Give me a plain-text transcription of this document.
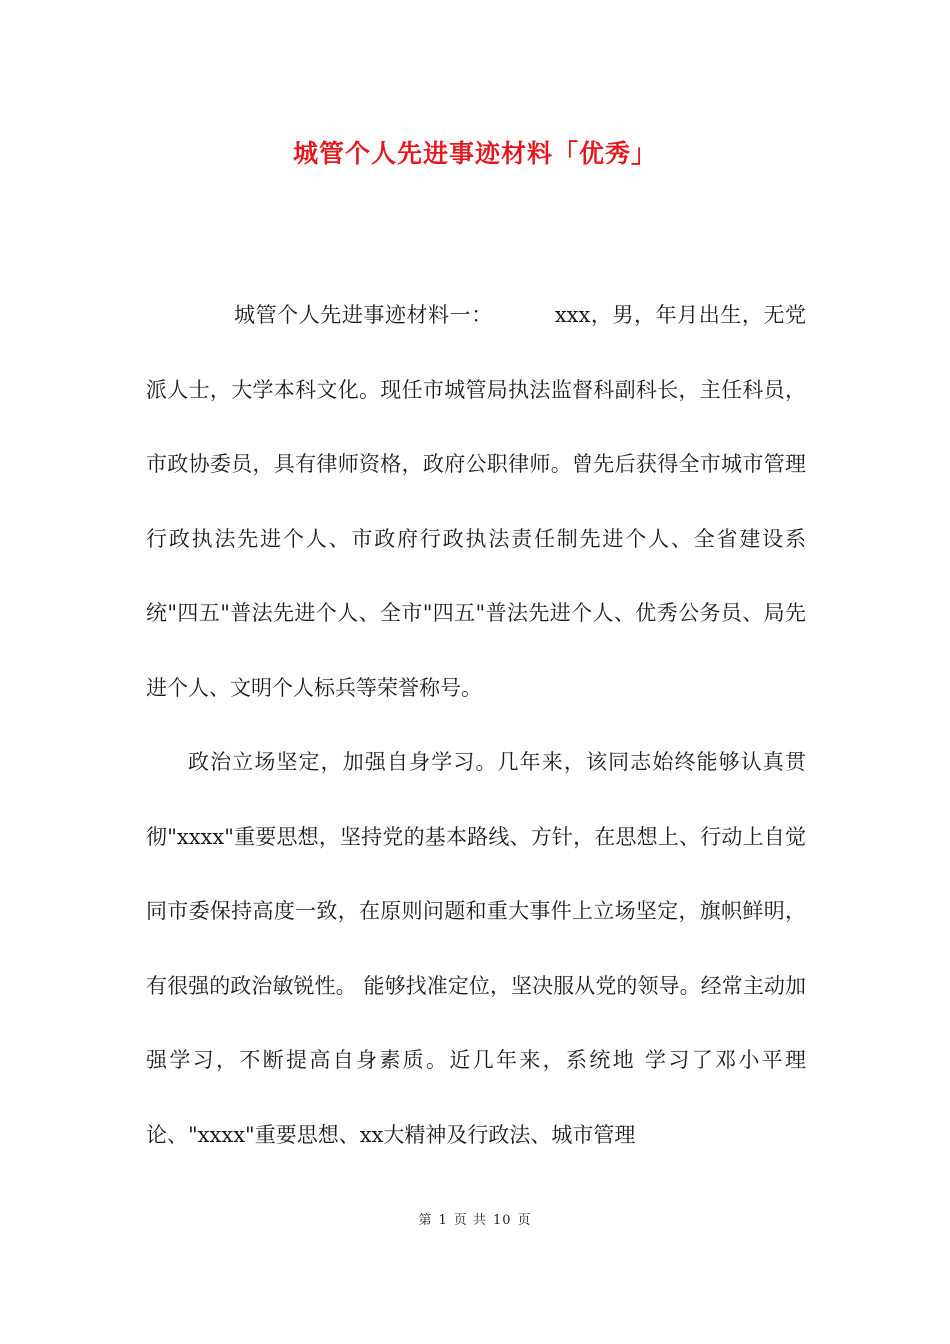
城管个人先进事迹材料「优秀」

城管个人先进事迹材料一：	xxx，男，年月出生，无党派人士，大学本科文化。现任市城管局执法监督科副科长，主任科员，市政协委员，具有律师资格，政府公职律师。曾先后获得全市城市管理行政执法先进个人、市政府行政执法责任制先进个人、全省建设系统"四五"普法先进个人、全市"四五"普法先进个人、优秀公务员、局先进个人、文明个人标兵等荣誉称号。

政治立场坚定，加强自身学习。几年来，该同志始终能够认真贯彻"xxxx"重要思想，坚持党的基本路线、方针，在思想上、行动上自觉同市委保持高度一致，在原则问题和重大事件上立场坚定，旗帜鲜明，有很强的政治敏锐性。 能够找准定位，坚决服从党的领导。经常主动加强学习，不断提高自身素质。近几年来，系统地 学习了邓小平理论、"xxxx"重要思想、xx大精神及行政法、城市管理

第 1 页 共 10 页
